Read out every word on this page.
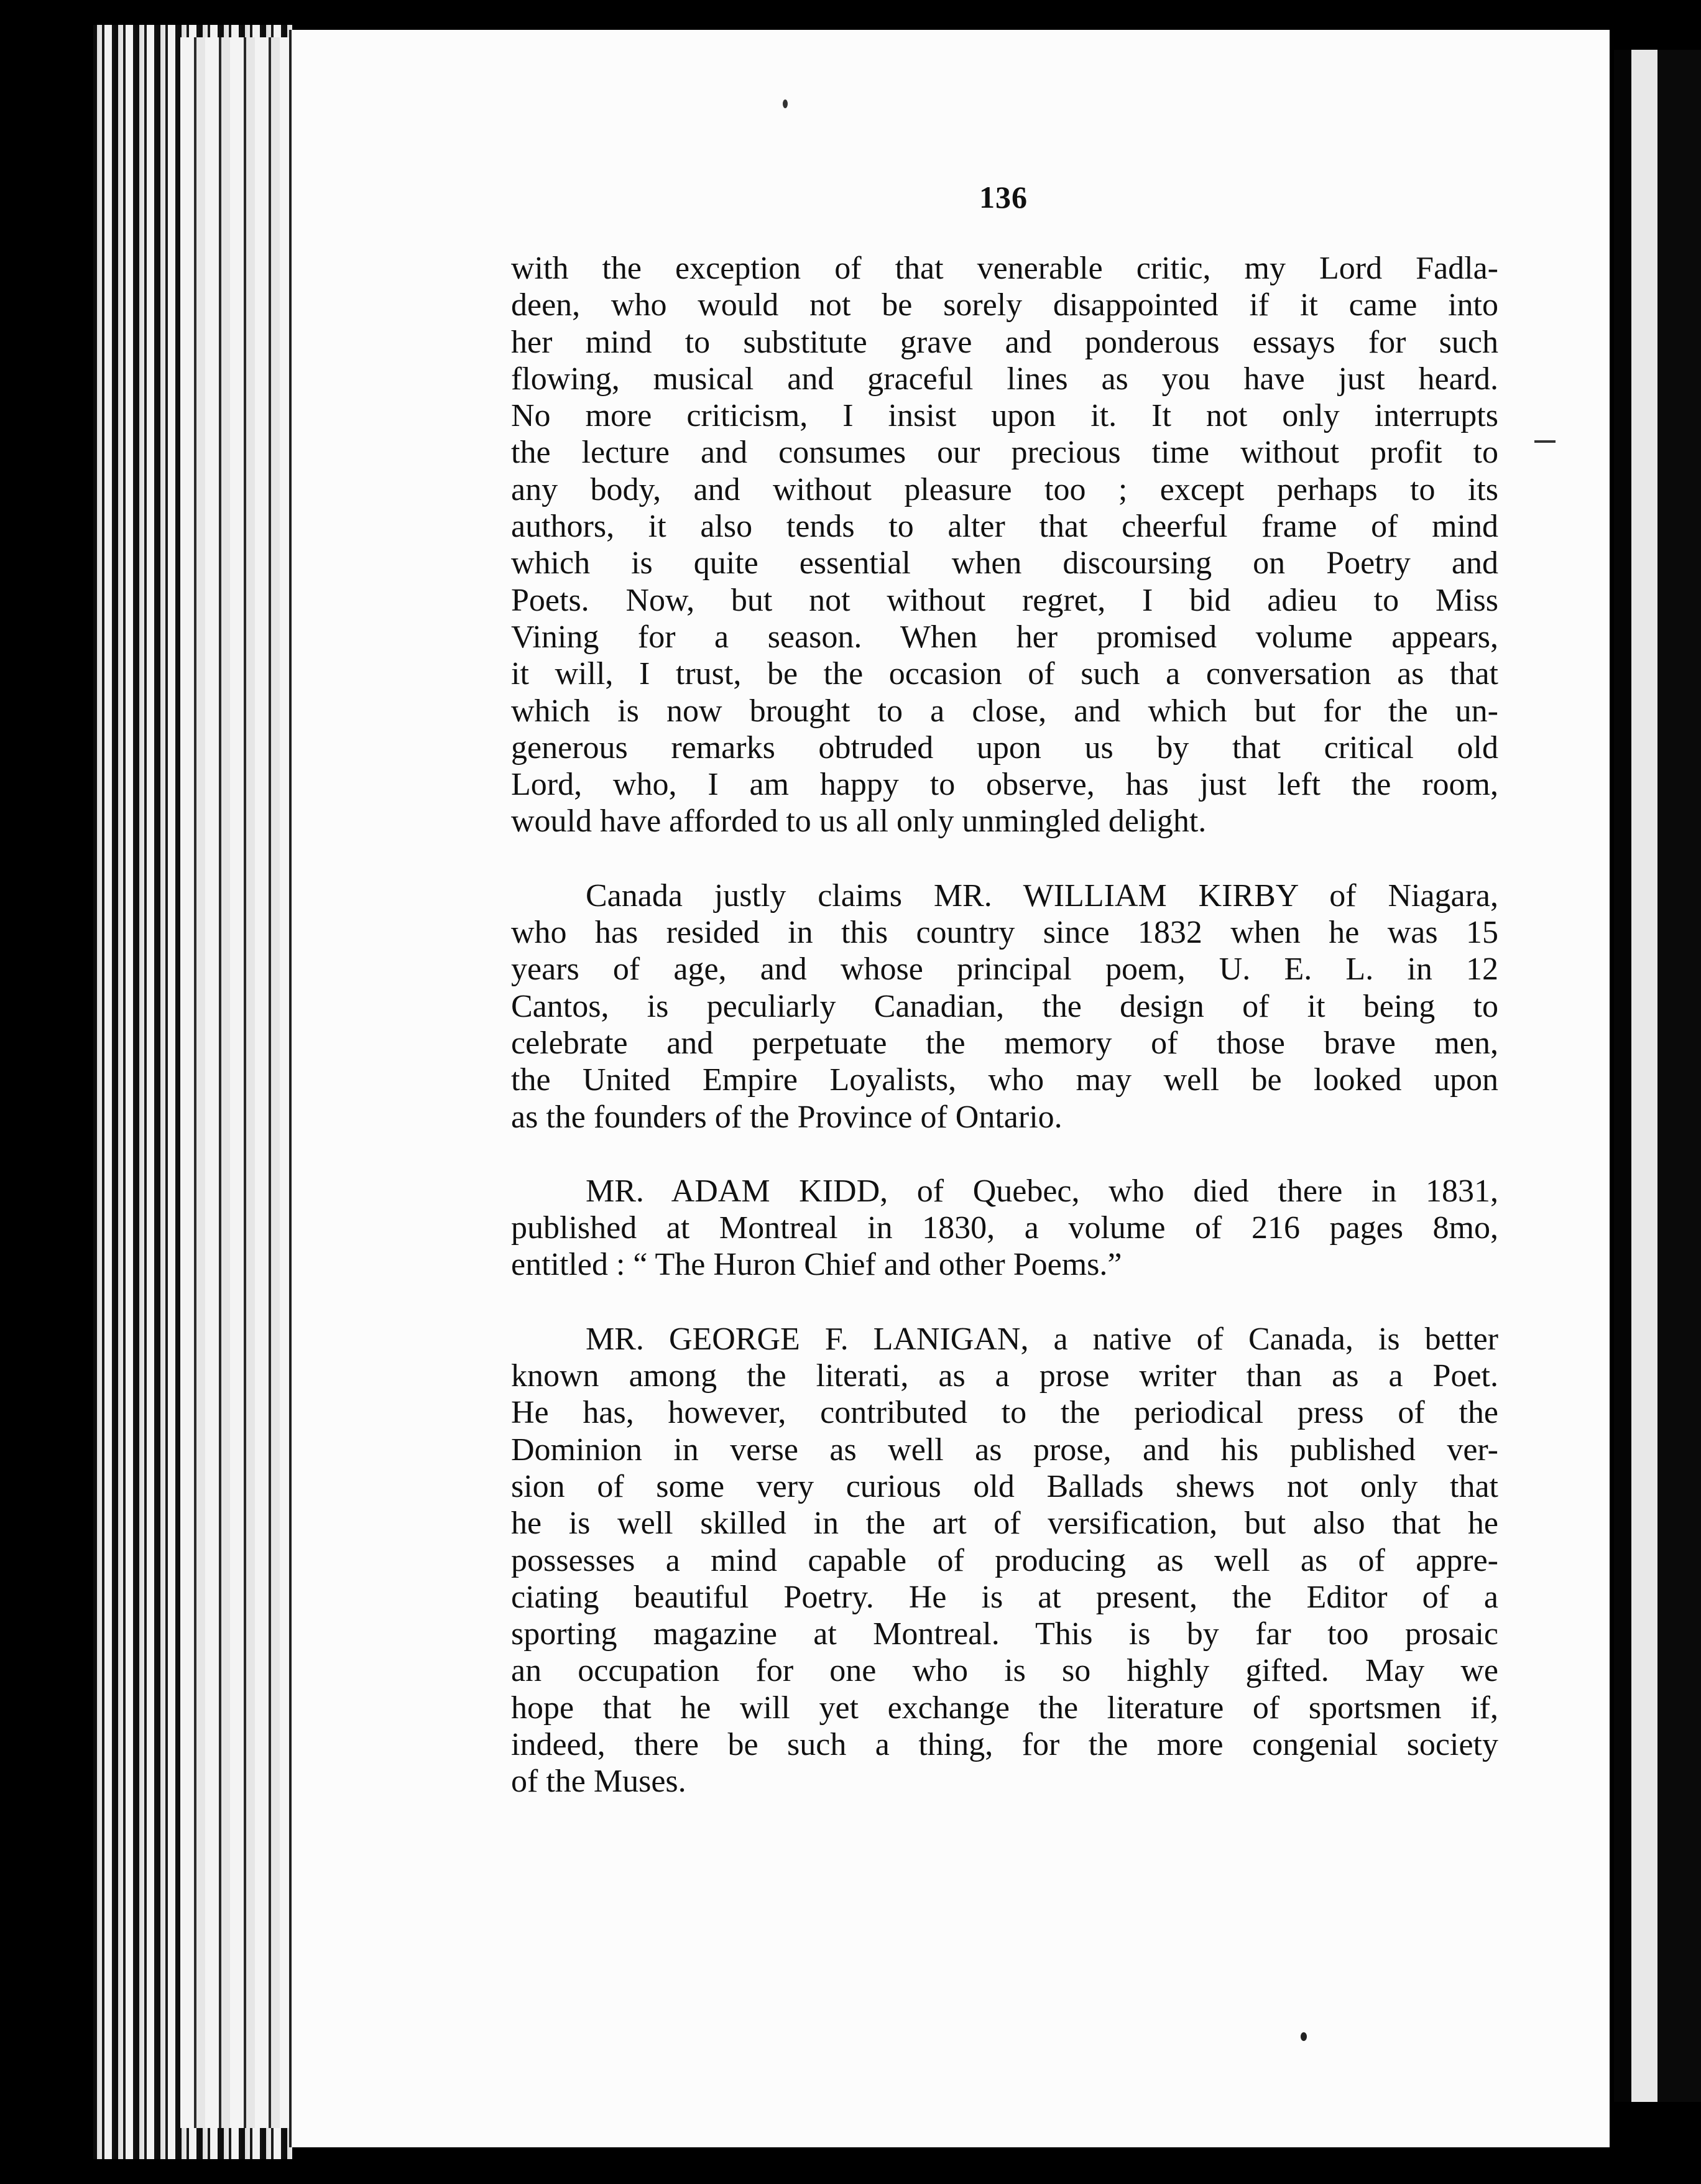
136
with the exception of that venerable critic, my Lord Fadla-
deen, who would not be sorely disappointed if it came into
her mind to substitute grave and ponderous essays for such
flowing, musical and graceful lines as you have just heard.
No more criticism, I insist upon it. It not only interrupts
the lecture and consumes our precious time without profit to
any body, and without pleasure too ; except perhaps to its
authors, it also tends to alter that cheerful frame of mind
which is quite essential when discoursing on Poetry and
Poets. Now, but not without regret, I bid adieu to Miss
Vining for a season. When her promised volume appears,
it will, I trust, be the occasion of such a conversation as that
which is now brought to a close, and which but for the un-
generous remarks obtruded upon us by that critical old
Lord, who, I am happy to observe, has just left the room,
would have afforded to us all only unmingled delight.
Canada justly claims MR. WILLIAM KIRBY of Niagara,
who has resided in this country since 1832 when he was 15
years of age, and whose principal poem, U. E. L. in 12
Cantos, is peculiarly Canadian, the design of it being to
celebrate and perpetuate the memory of those brave men,
the United Empire Loyalists, who may well be looked upon
as the founders of the Province of Ontario.
MR. ADAM KIDD, of Quebec, who died there in 1831,
published at Montreal in 1830, a volume of 216 pages 8mo,
entitled : “ The Huron Chief and other Poems.”
MR. GEORGE F. LANIGAN, a native of Canada, is better
known among the literati, as a prose writer than as a Poet.
He has, however, contributed to the periodical press of the
Dominion in verse as well as prose, and his published ver-
sion of some very curious old Ballads shews not only that
he is well skilled in the art of versification, but also that he
possesses a mind capable of producing as well as of appre-
ciating beautiful Poetry. He is at present, the Editor of a
sporting magazine at Montreal. This is by far too prosaic
an occupation for one who is so highly gifted. May we
hope that he will yet exchange the literature of sportsmen if,
indeed, there be such a thing, for the more congenial society
of the Muses.
